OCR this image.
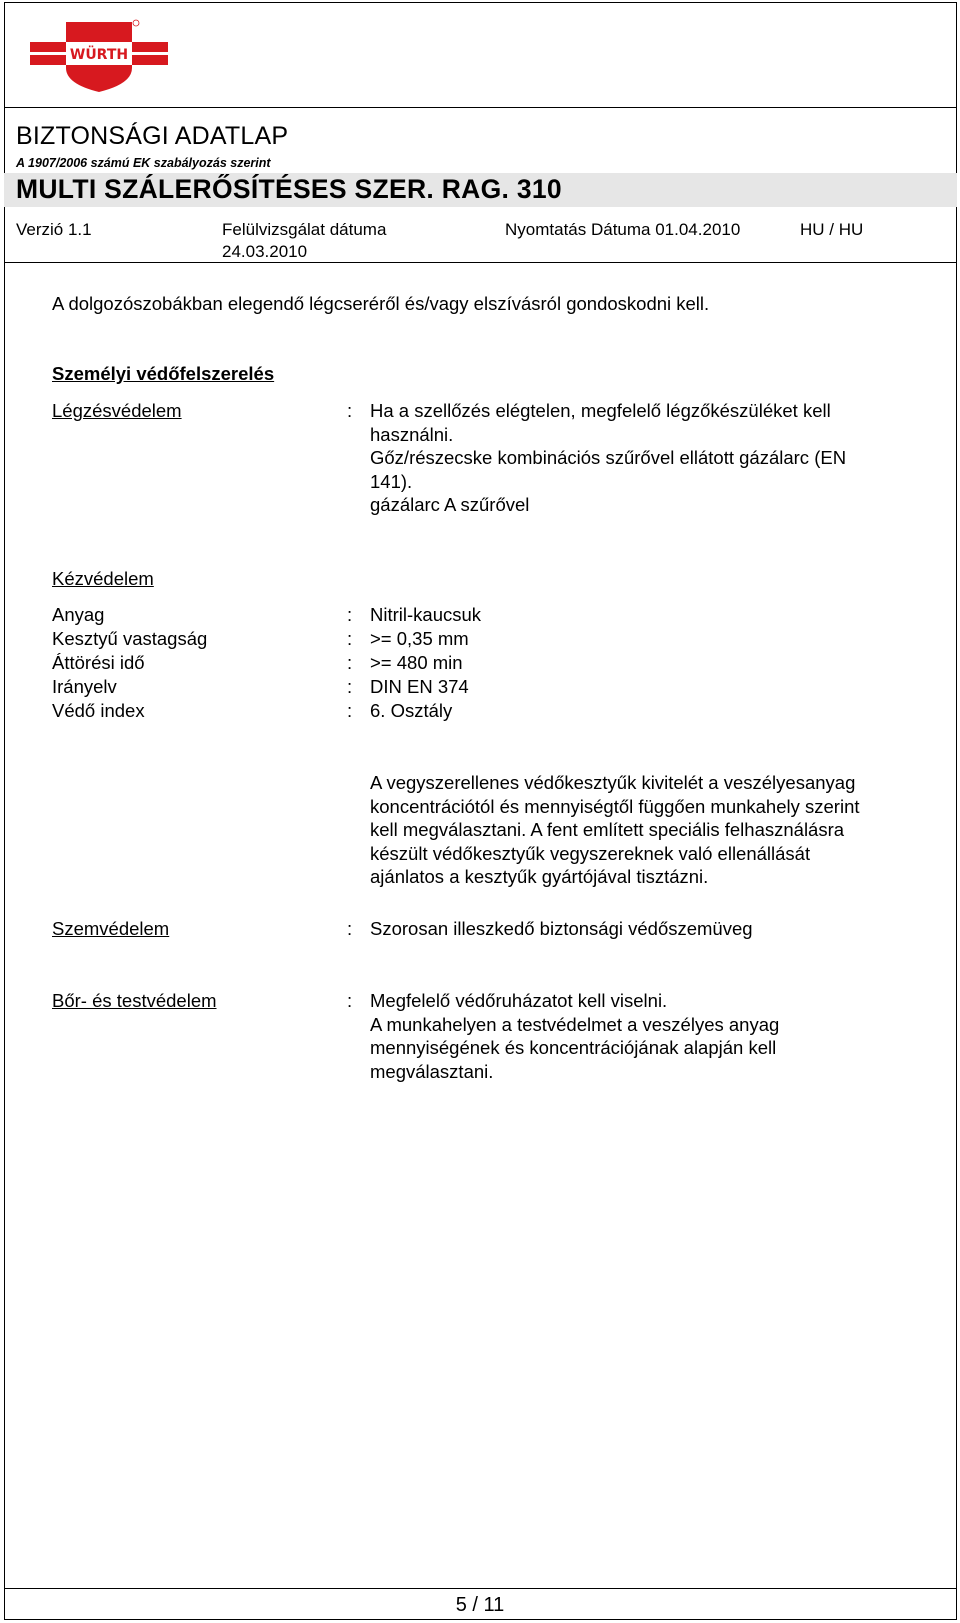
WÜRTH
BIZTONSÁGI ADATLAP
A 1907/2006 számú EK szabályozás szerint
MULTI SZÁLERŐSÍTÉSES SZER. RAG. 310
Verzió 1.1	Felülvizsgálat dátuma
24.03.2010
Nyomtatás Dátuma 01.04.2010	HU / HU
A dolgozószobákban elegendő légcseréről és/vagy elszívásról gondoskodni kell.
Személyi védőfelszerelés
Légzésvédelem	: Ha a szellőzés elégtelen, megfelelő légzőkészüléket kell
használni.
Gőz/részecske kombinációs szűrővel ellátott gázálarc (EN
141).
gázálarc A szűrővel
Kézvédelem
Anyag	: Nitril-kaucsuk
Kesztyű vastagság	: >= 0,35 mm
Áttörési idő	: >= 480 min
Irányelv	: DIN EN 374
Védő index	: 6. Osztály
A vegyszerellenes védőkesztyűk kivitelét a veszélyesanyag
koncentrációtól és mennyiségtől függően munkahely szerint
kell megválasztani. A fent említett speciális felhasználásra
készült védőkesztyűk vegyszereknek való ellenállását
ajánlatos a kesztyűk gyártójával tisztázni.
Szemvédelem	: Szorosan illeszkedő biztonsági védőszemüveg
Bőr- és testvédelem	: Megfelelő védőruházatot kell viselni.
A munkahelyen a testvédelmet a veszélyes anyag
mennyiségének és koncentrációjának alapján kell
megválasztani.
5 / 11
